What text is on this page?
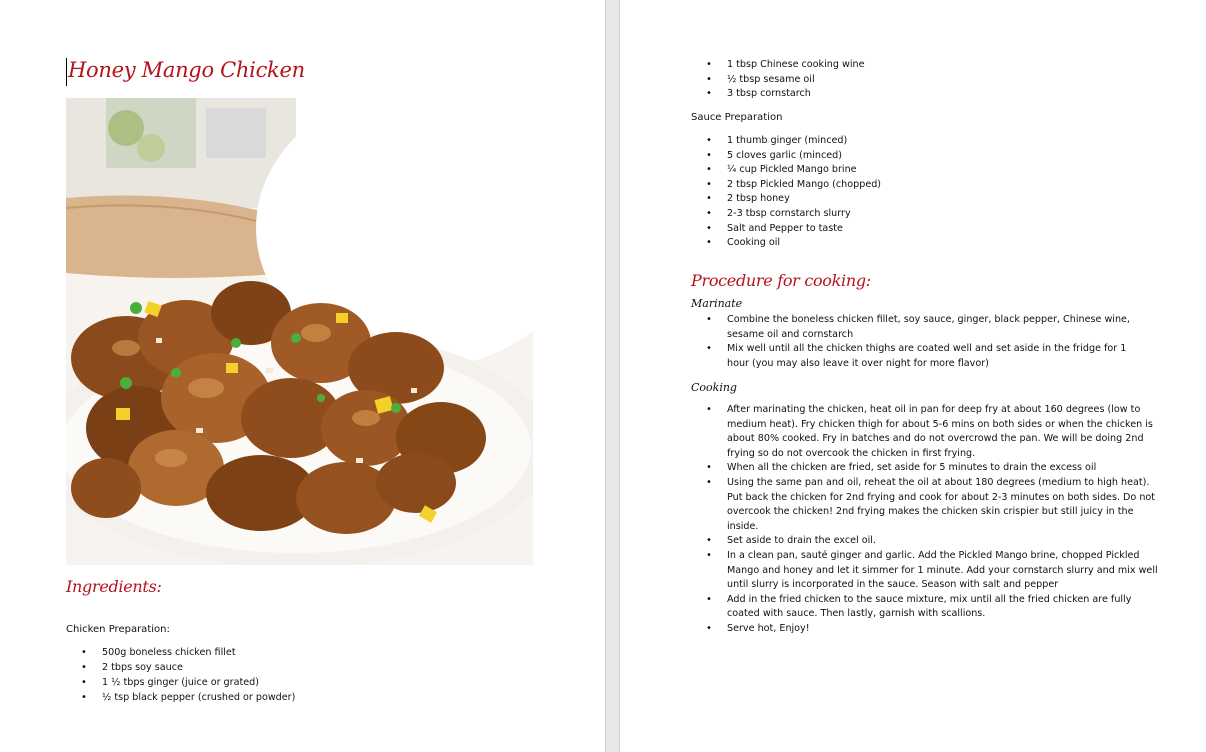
Honey Mango Chicken
Ingredients:
Chicken Preparation:
• 500g boneless chicken fillet
• 2 tbps soy sauce
• 1 ½ tbps ginger (juice or grated)
• ½ tsp black pepper (crushed or powder)
• 1 tbsp Chinese cooking wine
• ½ tbsp sesame oil
• 3 tbsp cornstarch
Sauce Preparation
• 1 thumb ginger (minced)
• 5 cloves garlic (minced)
• ¼ cup Pickled Mango brine
• 2 tbsp Pickled Mango (chopped)
• 2 tbsp honey
• 2-3 tbsp cornstarch slurry
• Salt and Pepper to taste
• Cooking oil
Procedure for cooking:
Marinate
• Combine the boneless chicken fillet, soy sauce, ginger, black pepper, Chinese wine, sesame oil and cornstarch
• Mix well until all the chicken thighs are coated well and set aside in the fridge for 1 hour (you may also leave it over night for more flavor)
Cooking
• After marinating the chicken, heat oil in pan for deep fry at about 160 degrees (low to medium heat). Fry chicken thigh for about 5-6 mins on both sides or when the chicken is about 80% cooked. Fry in batches and do not overcrowd the pan. We will be doing 2nd frying so do not overcook the chicken in first frying.
• When all the chicken are fried, set aside for 5 minutes to drain the excess oil
• Using the same pan and oil, reheat the oil at about 180 degrees (medium to high heat). Put back the chicken for 2nd frying and cook for about 2-3 minutes on both sides. Do not overcook the chicken! 2nd frying makes the chicken skin crispier but still juicy in the inside.
• Set aside to drain the excel oil.
• In a clean pan, sauté ginger and garlic. Add the Pickled Mango brine, chopped Pickled Mango and honey and let it simmer for 1 minute. Add your cornstarch slurry and mix well until slurry is incorporated in the sauce. Season with salt and pepper
• Add in the fried chicken to the sauce mixture, mix until all the fried chicken are fully coated with sauce. Then lastly, garnish with scallions.
• Serve hot, Enjoy!
